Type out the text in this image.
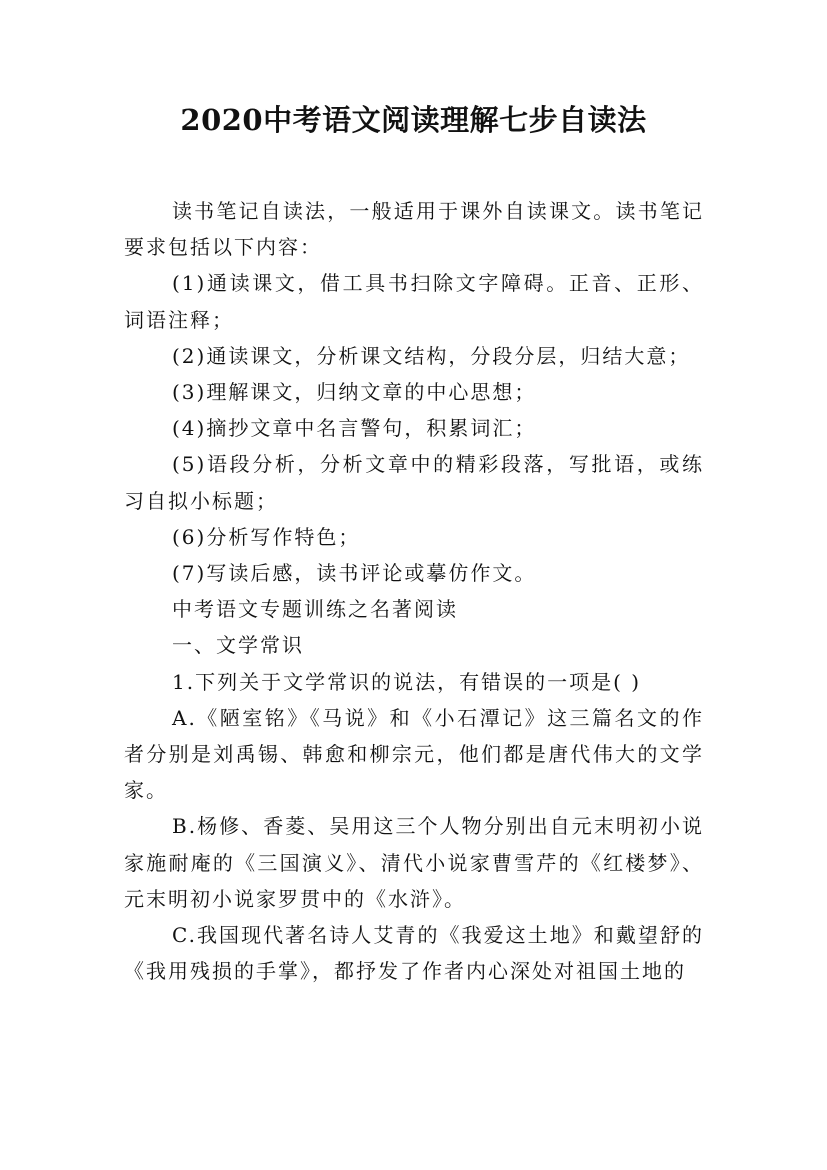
2020中考语文阅读理解七步自读法

读书笔记自读法，一般适用于课外自读课文。读书笔记要求包括以下内容：

(1)通读课文，借工具书扫除文字障碍。正音、正形、词语注释；

(2)通读课文，分析课文结构，分段分层，归结大意；

(3)理解课文，归纳文章的中心思想；

(4)摘抄文章中名言警句，积累词汇；

(5)语段分析，分析文章中的精彩段落，写批语，或练习自拟小标题；

(6)分析写作特色；

(7)写读后感，读书评论或摹仿作文。

中考语文专题训练之名著阅读

一、文学常识

1.下列关于文学常识的说法，有错误的一项是( )

A.《陋室铭》《马说》和《小石潭记》这三篇名文的作者分别是刘禹锡、韩愈和柳宗元，他们都是唐代伟大的文学家。

B.杨修、香菱、吴用这三个人物分别出自元末明初小说家施耐庵的《三国演义》、清代小说家曹雪芹的《红楼梦》、元末明初小说家罗贯中的《水浒》。

C.我国现代著名诗人艾青的《我爱这土地》和戴望舒的《我用残损的手掌》，都抒发了作者内心深处对祖国土地的
